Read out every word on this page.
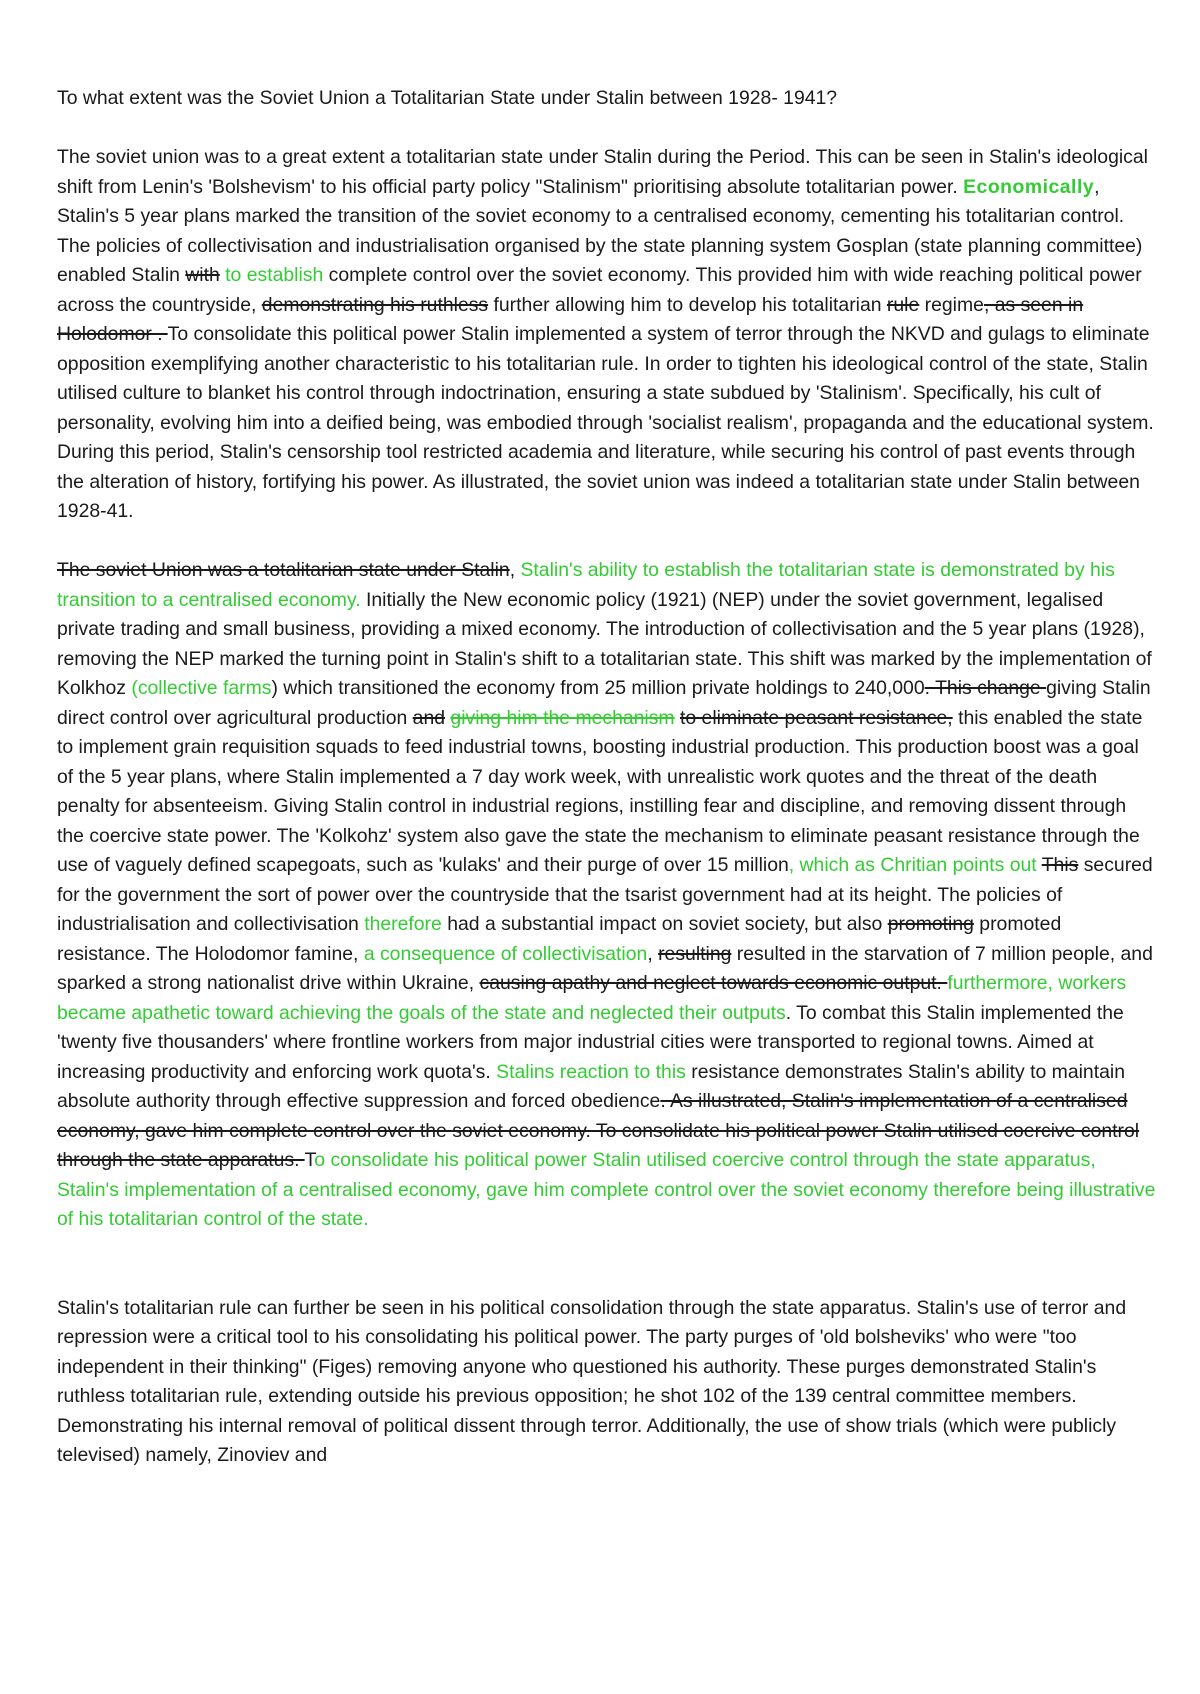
To what extent was the Soviet Union a Totalitarian State under Stalin between 1928- 1941?

The soviet union was to a great extent a totalitarian state under Stalin during the Period. This can be seen in Stalin's ideological shift from Lenin's 'Bolshevism' to his official party policy "Stalinism" prioritising absolute totalitarian power. Economically, Stalin's 5 year plans marked the transition of the soviet economy to a centralised economy, cementing his totalitarian control. The policies of collectivisation and industrialisation organised by the state planning system Gosplan (state planning committee) enabled Stalin with to establish complete control over the soviet economy. This provided him with wide reaching political power across the countryside, demonstrating his ruthless further allowing him to develop his totalitarian rule regime, as seen in Holodomor . To consolidate this political power Stalin implemented a system of terror through the NKVD and gulags to eliminate opposition exemplifying another characteristic to his totalitarian rule. In order to tighten his ideological control of the state, Stalin utilised culture to blanket his control through indoctrination, ensuring a state subdued by 'Stalinism'. Specifically, his cult of personality, evolving him into a deified being, was embodied through 'socialist realism', propaganda and the educational system. During this period, Stalin's censorship tool restricted academia and literature, while securing his control of past events through the alteration of history, fortifying his power. As illustrated, the soviet union was indeed a totalitarian state under Stalin between 1928-41.

The soviet Union was a totalitarian state under Stalin, Stalin's ability to establish the totalitarian state is demonstrated by his transition to a centralised economy. Initially the New economic policy (1921) (NEP) under the soviet government, legalised private trading and small business, providing a mixed economy. The introduction of collectivisation and the 5 year plans (1928), removing the NEP marked the turning point in Stalin's shift to a totalitarian state. This shift was marked by the implementation of Kolkhoz (collective farms) which transitioned the economy from 25 million private holdings to 240,000. This change giving Stalin direct control over agricultural production and giving him the mechanism to eliminate peasant resistance, this enabled the state to implement grain requisition squads to feed industrial towns, boosting industrial production. This production boost was a goal of the 5 year plans, where Stalin implemented a 7 day work week, with unrealistic work quotes and the threat of the death penalty for absenteeism. Giving Stalin control in industrial regions, instilling fear and discipline, and removing dissent through the coercive state power. The 'Kolkohz' system also gave the state the mechanism to eliminate peasant resistance through the use of vaguely defined scapegoats, such as 'kulaks' and their purge of over 15 million, which as Chritian points out This secured for the government the sort of power over the countryside that the tsarist government had at its height. The policies of industrialisation and collectivisation therefore had a substantial impact on soviet society, but also promoting promoted resistance. The Holodomor famine, a consequence of collectivisation, resulting resulted in the starvation of 7 million people, and sparked a strong nationalist drive within Ukraine, causing apathy and neglect towards economic output. furthermore, workers became apathetic toward achieving the goals of the state and neglected their outputs. To combat this Stalin implemented the 'twenty five thousanders' where frontline workers from major industrial cities were transported to regional towns. Aimed at increasing productivity and enforcing work quota's. Stalins reaction to this resistance demonstrates Stalin's ability to maintain absolute authority through effective suppression and forced obedience. As illustrated, Stalin's implementation of a centralised economy, gave him complete control over the soviet economy. To consolidate his political power Stalin utilised coercive control through the state apparatus. To consolidate his political power Stalin utilised coercive control through the state apparatus, Stalin's implementation of a centralised economy, gave him complete control over the soviet economy therefore being illustrative of his totalitarian control of the state.

Stalin's totalitarian rule can further be seen in his political consolidation through the state apparatus. Stalin's use of terror and repression were a critical tool to his consolidating his political power. The party purges of 'old bolsheviks' who were "too independent in their thinking" (Figes) removing anyone who questioned his authority. These purges demonstrated Stalin's ruthless totalitarian rule, extending outside his previous opposition; he shot 102 of the 139 central committee members. Demonstrating his internal removal of political dissent through terror. Additionally, the use of show trials (which were publicly televised) namely, Zinoviev and
